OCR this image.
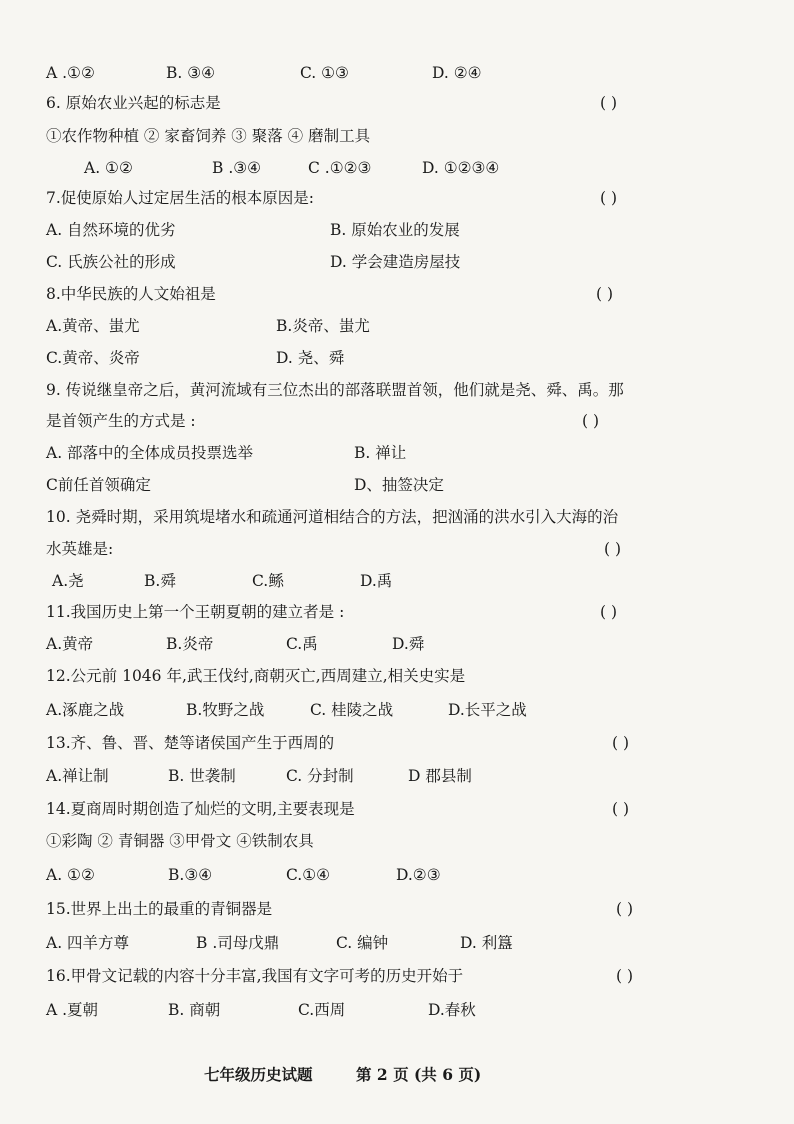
A .①②	B. ③④	C. ①③	D. ②④
6. 原始农业兴起的标志是	( )
①农作物种植 ② 家畜饲养 ③ 聚落 ④ 磨制工具
A. ①②	B .③④	C .①②③	D. ①②③④
7.促使原始人过定居生活的根本原因是:	( )
A. 自然环境的优劣	B. 原始农业的发展
C. 氏族公社的形成	D. 学会建造房屋技
8.中华民族的人文始祖是	( )
A.黄帝、蚩尤	B.炎帝、蚩尤
C.黄帝、炎帝	D. 尧、舜
9. 传说继皇帝之后，黄河流域有三位杰出的部落联盟首领，他们就是尧、舜、禹。那
是首领产生的方式是 :	( )
A. 部落中的全体成员投票选举	B. 禅让
C前任首领确定	D、抽签决定
10. 尧舜时期，采用筑堤堵水和疏通河道相结合的方法，把汹涌的洪水引入大海的治
水英雄是:	( )
A.尧	B.舜	C.鲧	D.禹
11.我国历史上第一个王朝夏朝的建立者是 :	( )
A.黄帝	B.炎帝	C.禹	D.舜
12.公元前 1046 年,武王伐纣,商朝灭亡,西周建立,相关史实是
A.涿鹿之战	B.牧野之战	C. 桂陵之战	D.长平之战
13.齐、鲁、晋、楚等诸侯国产生于西周的	( )
A.禅让制	B. 世袭制	C. 分封制	D 郡县制
14.夏商周时期创造了灿烂的文明,主要表现是	( )
①彩陶 ② 青铜器 ③甲骨文 ④铁制农具
A. ①②	B.③④	C.①④	D.②③
15.世界上出土的最重的青铜器是	( )
A. 四羊方尊	B .司母戊鼎	C. 编钟	D. 利簋
16.甲骨文记载的内容十分丰富,我国有文字可考的历史开始于	( )
A .夏朝	B. 商朝	C.西周	D.春秋
七年级历史试题	第 2 页 (共 6 页)
